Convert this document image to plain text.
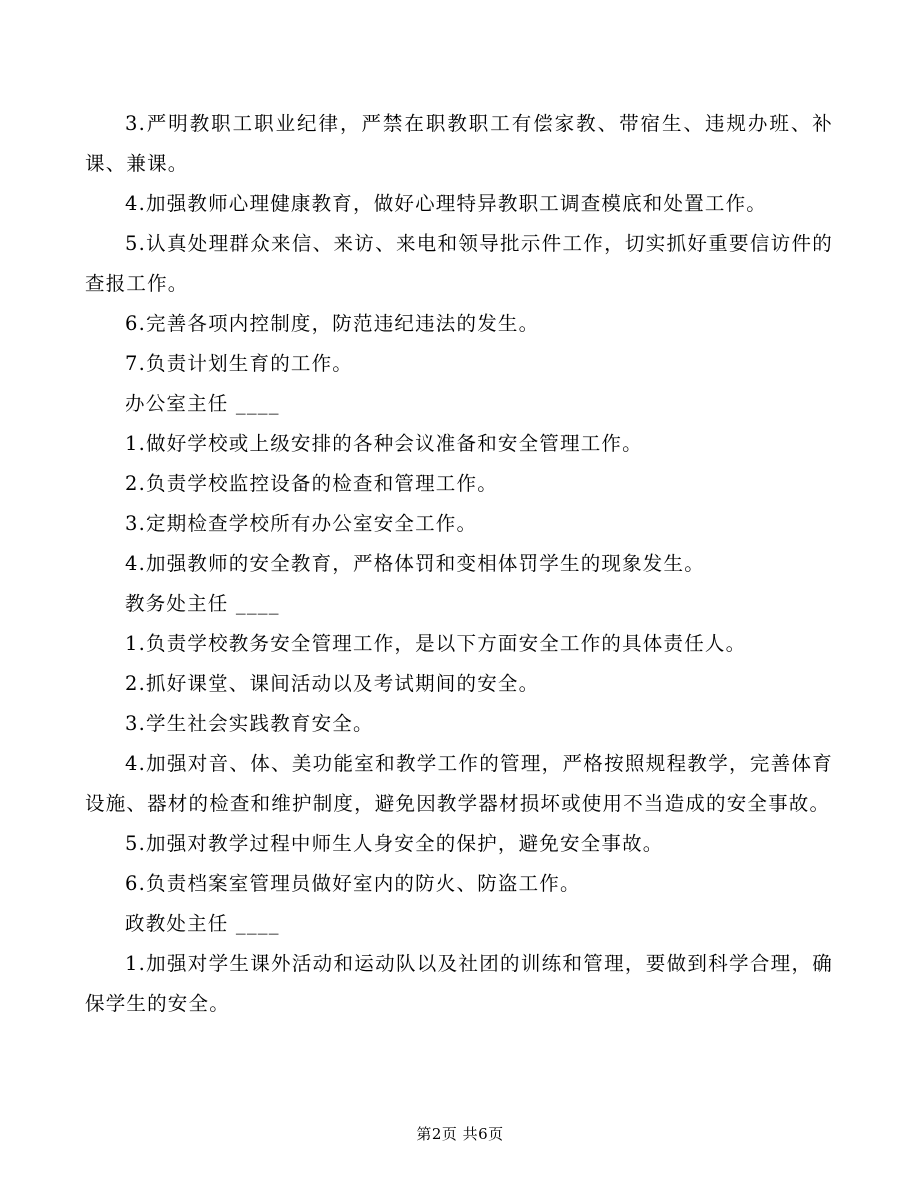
3.严明教职工职业纪律，严禁在职教职工有偿家教、带宿生、违规办班、补课、兼课。

4.加强教师心理健康教育，做好心理特异教职工调查模底和处置工作。

5.认真处理群众来信、来访、来电和领导批示件工作，切实抓好重要信访件的查报工作。

6.完善各项内控制度，防范违纪违法的发生。

7.负责计划生育的工作。

办公室主任 ____

1.做好学校或上级安排的各种会议准备和安全管理工作。

2.负责学校监控设备的检查和管理工作。

3.定期检查学校所有办公室安全工作。

4.加强教师的安全教育，严格体罚和变相体罚学生的现象发生。

教务处主任 ____

1.负责学校教务安全管理工作，是以下方面安全工作的具体责任人。

2.抓好课堂、课间活动以及考试期间的安全。

3.学生社会实践教育安全。

4.加强对音、体、美功能室和教学工作的管理，严格按照规程教学，完善体育设施、器材的检查和维护制度，避免因教学器材损坏或使用不当造成的安全事故。

5.加强对教学过程中师生人身安全的保护，避免安全事故。

6.负责档案室管理员做好室内的防火、防盗工作。

政教处主任 ____

1.加强对学生课外活动和运动队以及社团的训练和管理，要做到科学合理，确保学生的安全。

第2页 共6页
